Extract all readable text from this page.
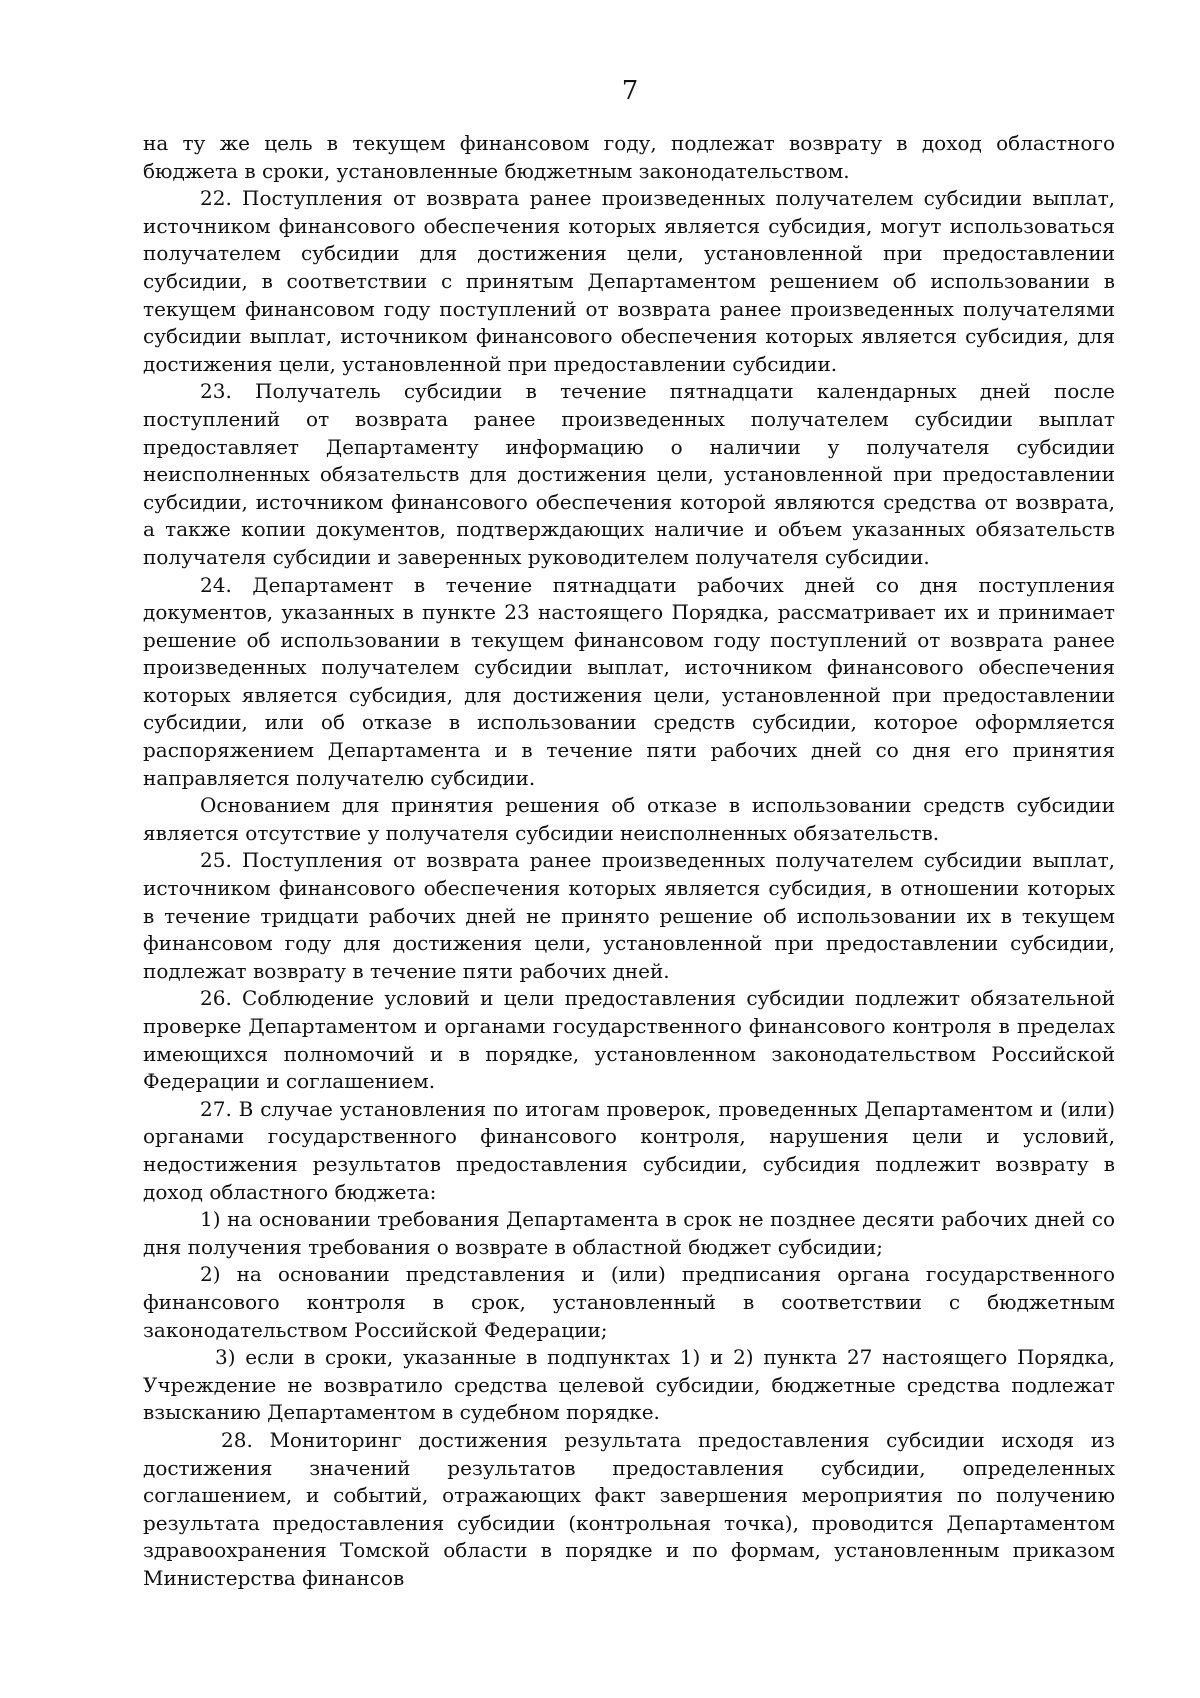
7

на ту же цель в текущем финансовом году, подлежат возврату в доход областного бюджета в сроки, установленные бюджетным законодательством.

22. Поступления от возврата ранее произведенных получателем субсидии выплат, источником финансового обеспечения которых является субсидия, могут использоваться получателем субсидии для достижения цели, установленной при предоставлении субсидии, в соответствии с принятым Департаментом решением об использовании в текущем финансовом году поступлений от возврата ранее произведенных получателями субсидии выплат, источником финансового обеспечения которых является субсидия, для достижения цели, установленной при предоставлении субсидии.

23. Получатель субсидии в течение пятнадцати календарных дней после поступлений от возврата ранее произведенных получателем субсидии выплат предоставляет Департаменту информацию о наличии у получателя субсидии неисполненных обязательств для достижения цели, установленной при предоставлении субсидии, источником финансового обеспечения которой являются средства от возврата, а также копии документов, подтверждающих наличие и объем указанных обязательств получателя субсидии и заверенных руководителем получателя субсидии.

24. Департамент в течение пятнадцати рабочих дней со дня поступления документов, указанных в пункте 23 настоящего Порядка, рассматривает их и принимает решение об использовании в текущем финансовом году поступлений от возврата ранее произведенных получателем субсидии выплат, источником финансового обеспечения которых является субсидия, для достижения цели, установленной при предоставлении субсидии, или об отказе в использовании средств субсидии, которое оформляется распоряжением Департамента и в течение пяти рабочих дней со дня его принятия направляется получателю субсидии.

Основанием для принятия решения об отказе в использовании средств субсидии является отсутствие у получателя субсидии неисполненных обязательств.

25. Поступления от возврата ранее произведенных получателем субсидии выплат, источником финансового обеспечения которых является субсидия, в отношении которых в течение тридцати рабочих дней не принято решение об использовании их в текущем финансовом году для достижения цели, установленной при предоставлении субсидии, подлежат возврату в течение пяти рабочих дней.

26. Соблюдение условий и цели предоставления субсидии подлежит обязательной проверке Департаментом и органами государственного финансового контроля в пределах имеющихся полномочий и в порядке, установленном законодательством Российской Федерации и соглашением.

27. В случае установления по итогам проверок, проведенных Департаментом и (или) органами государственного финансового контроля, нарушения цели и условий, недостижения результатов предоставления субсидии, субсидия подлежит возврату в доход областного бюджета:

1) на основании требования Департамента в срок не позднее десяти рабочих дней со дня получения требования о возврате в областной бюджет субсидии;

2) на основании представления и (или) предписания органа государственного финансового контроля в срок, установленный в соответствии с бюджетным законодательством Российской Федерации;

3) если в сроки, указанные в подпунктах 1) и 2) пункта 27 настоящего Порядка, Учреждение не возвратило средства целевой субсидии, бюджетные средства подлежат взысканию Департаментом в судебном порядке.

28. Мониторинг достижения результата предоставления субсидии исходя из достижения значений результатов предоставления субсидии, определенных соглашением, и событий, отражающих факт завершения мероприятия по получению результата предоставления субсидии (контрольная точка), проводится Департаментом здравоохранения Томской области в порядке и по формам, установленным приказом Министерства финансов
